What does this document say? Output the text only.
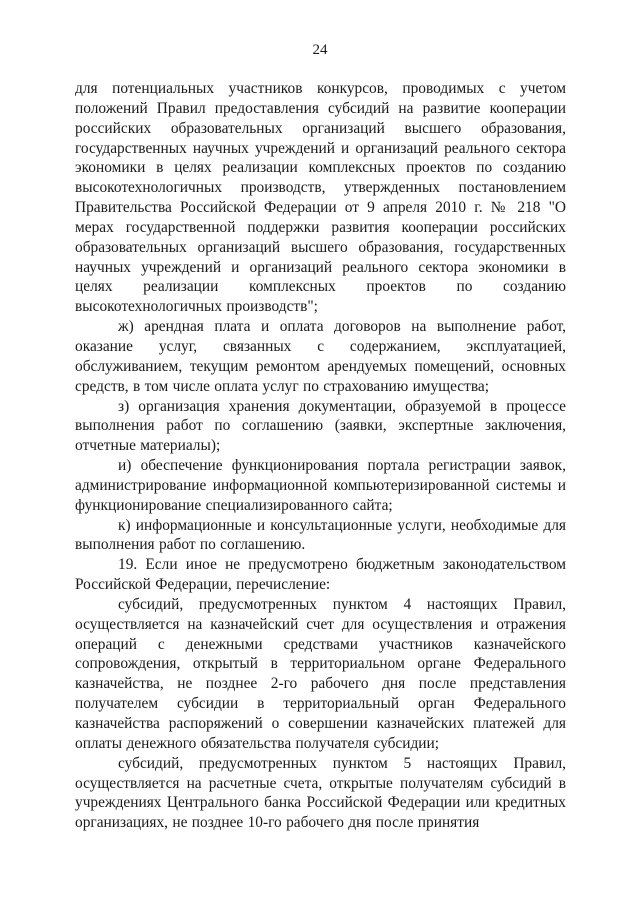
24

для потенциальных участников конкурсов, проводимых с учетом положений Правил предоставления субсидий на развитие кооперации российских образовательных организаций высшего образования, государственных научных учреждений и организаций реального сектора экономики в целях реализации комплексных проектов по созданию высокотехнологичных производств, утвержденных постановлением Правительства Российской Федерации от 9 апреля 2010 г. № 218 "О мерах государственной поддержки развития кооперации российских образовательных организаций высшего образования, государственных научных учреждений и организаций реального сектора экономики в целях реализации комплексных проектов по созданию высокотехнологичных производств";

ж) арендная плата и оплата договоров на выполнение работ, оказание услуг, связанных с содержанием, эксплуатацией, обслуживанием, текущим ремонтом арендуемых помещений, основных средств, в том числе оплата услуг по страхованию имущества;

з) организация хранения документации, образуемой в процессе выполнения работ по соглашению (заявки, экспертные заключения, отчетные материалы);

и) обеспечение функционирования портала регистрации заявок, администрирование информационной компьютеризированной системы и функционирование специализированного сайта;

к) информационные и консультационные услуги, необходимые для выполнения работ по соглашению.

19. Если иное не предусмотрено бюджетным законодательством Российской Федерации, перечисление:

субсидий, предусмотренных пунктом 4 настоящих Правил, осуществляется на казначейский счет для осуществления и отражения операций с денежными средствами участников казначейского сопровождения, открытый в территориальном органе Федерального казначейства, не позднее 2-го рабочего дня после представления получателем субсидии в территориальный орган Федерального казначейства распоряжений о совершении казначейских платежей для оплаты денежного обязательства получателя субсидии;

субсидий, предусмотренных пунктом 5 настоящих Правил, осуществляется на расчетные счета, открытые получателям субсидий в учреждениях Центрального банка Российской Федерации или кредитных организациях, не позднее 10-го рабочего дня после принятия
